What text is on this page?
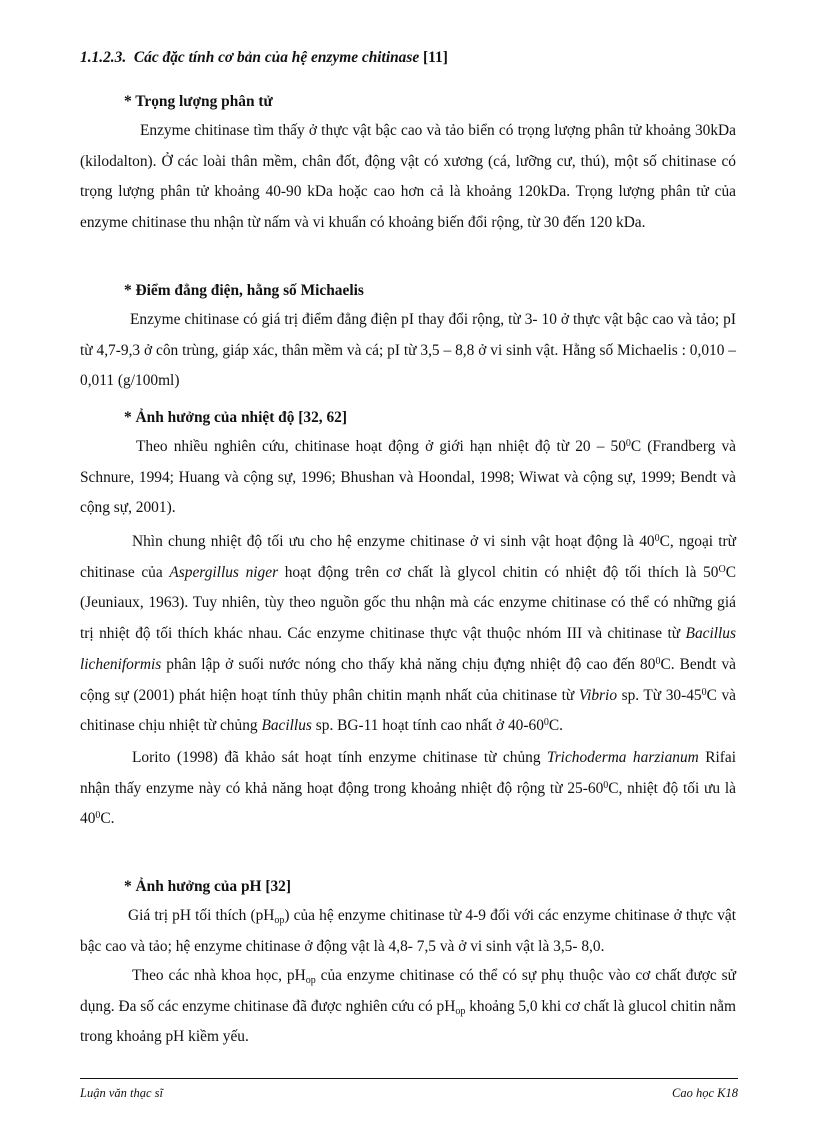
1.1.2.3. Các đặc tính cơ bản của hệ enzyme chitinase [11]
* Trọng lượng phân tử

Enzyme chitinase tìm thấy ở thực vật bậc cao và tảo biển có trọng lượng phân tử khoảng 30kDa (kilodalton). Ở các loài thân mềm, chân đốt, động vật có xương (cá, lưỡng cư, thú), một số chitinase có trọng lượng phân tử khoảng 40-90 kDa hoặc cao hơn cả là khoảng 120kDa. Trọng lượng phân tử của enzyme chitinase thu nhận từ nấm và vi khuẩn có khoảng biến đổi rộng, từ 30 đến 120 kDa.

* Điểm đẳng điện, hằng số Michaelis

Enzyme chitinase có giá trị điểm đẳng điện pI thay đổi rộng, từ 3- 10 ở thực vật bậc cao và tảo; pI từ 4,7-9,3 ở côn trùng, giáp xác, thân mềm và cá; pI từ 3,5 – 8,8 ở vi sinh vật. Hằng số Michaelis : 0,010 – 0,011 (g/100ml)

* Ảnh hưởng của nhiệt độ [32, 62]

Theo nhiều nghiên cứu, chitinase hoạt động ở giới hạn nhiệt độ từ $20 - 50^0C$ (Frandberg và Schnure, 1994; Huang và cộng sự, 1996; Bhushan và Hoondal, 1998; Wiwat và cộng sự, 1999; Bendt và cộng sự, 2001).

Nhìn chung nhiệt độ tối ưu cho hệ enzyme chitinase ở vi sinh vật hoạt động là $40^0C$, ngoại trừ chitinase của Aspergillus niger hoạt động trên cơ chất là glycol chitin có nhiệt độ tối thích là $50^OC$ (Jeuniaux, 1963). Tuy nhiên, tùy theo nguồn gốc thu nhận mà các enzyme chitinase có thể có những giá trị nhiệt độ tối thích khác nhau. Các enzyme chitinase thực vật thuộc nhóm III và chitinase từ Bacillus licheniformis phân lập ở suối nước nóng cho thấy khả năng chịu đựng nhiệt độ cao đến $80^0C$. Bendt và cộng sự (2001) phát hiện hoạt tính thủy phân chitin mạnh nhất của chitinase từ Vibrio sp. Từ $30-45^0C$ và chitinase chịu nhiệt từ chủng Bacillus sp. BG-11 hoạt tính cao nhất ở $40-60^0C$.

Lorito (1998) đã khảo sát hoạt tính enzyme chitinase từ chủng Trichoderma harzianum Rifai nhận thấy enzyme này có khả năng hoạt động trong khoảng nhiệt độ rộng từ $25-60^0C$, nhiệt độ tối ưu là $40^0C$.

* Ảnh hưởng của pH [32]

Giá trị pH tối thích $(pH_{op})$ của hệ enzyme chitinase từ 4-9 đối với các enzyme chitinase ở thực vật bậc cao và tảo; hệ enzyme chitinase ở động vật là 4,8- 7,5 và ở vi sinh vật là 3,5- 8,0.

Theo các nhà khoa học, $pH_{op}$ của enzyme chitinase có thể có sự phụ thuộc vào cơ chất được sử dụng. Đa số các enzyme chitinase đã được nghiên cứu có $pH_{op}$ khoảng 5,0 khi cơ chất là glucol chitin nằm trong khoảng pH kiềm yếu.

Luận văn thạc sĩ	Cao học K18
